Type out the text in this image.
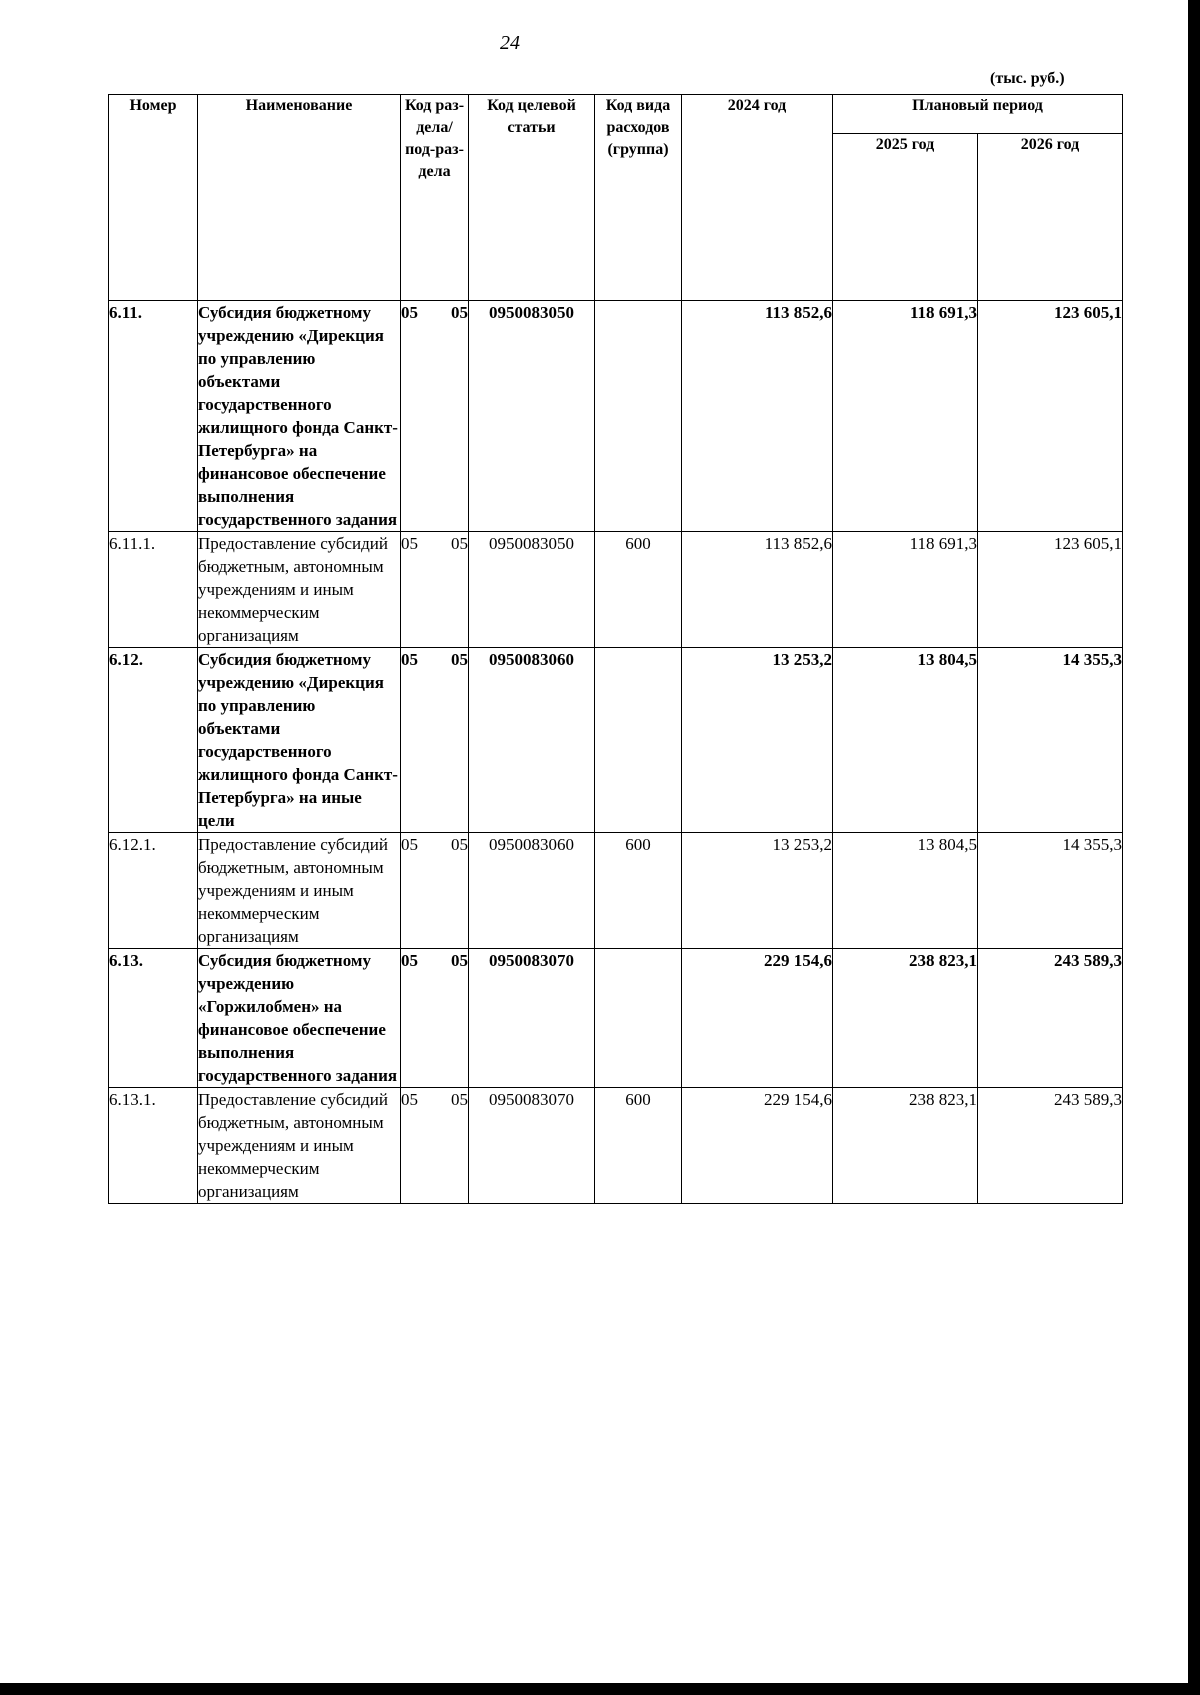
24
(тыс. руб.)
Номер	Наименование	Код раз-дела/ под-раз-дела	Код целевой статьи	Код вида расходов (группа)	2024 год	Плановый период	
						2025 год	2026 год
6.11.	Субсидия бюджетному учреждению «Дирекция по управлению объектами государственного жилищного фонда Санкт-Петербурга» на финансовое обеспечение выполнения государственного задания	05 05	0950083050		113 852,6	118 691,3	123 605,1
6.11.1.	Предоставление субсидий бюджетным, автономным учреждениям и иным некоммерческим организациям	05 05	0950083050	600	113 852,6	118 691,3	123 605,1
6.12.	Субсидия бюджетному учреждению «Дирекция по управлению объектами государственного жилищного фонда Санкт-Петербурга» на иные цели	05 05	0950083060		13 253,2	13 804,5	14 355,3
6.12.1.	Предоставление субсидий бюджетным, автономным учреждениям и иным некоммерческим организациям	05 05	0950083060	600	13 253,2	13 804,5	14 355,3
6.13.	Субсидия бюджетному учреждению «Горжилобмен» на финансовое обеспечение выполнения государственного задания	05 05	0950083070		229 154,6	238 823,1	243 589,3
6.13.1.	Предоставление субсидий бюджетным, автономным учреждениям и иным некоммерческим организациям	05 05	0950083070	600	229 154,6	238 823,1	243 589,3
